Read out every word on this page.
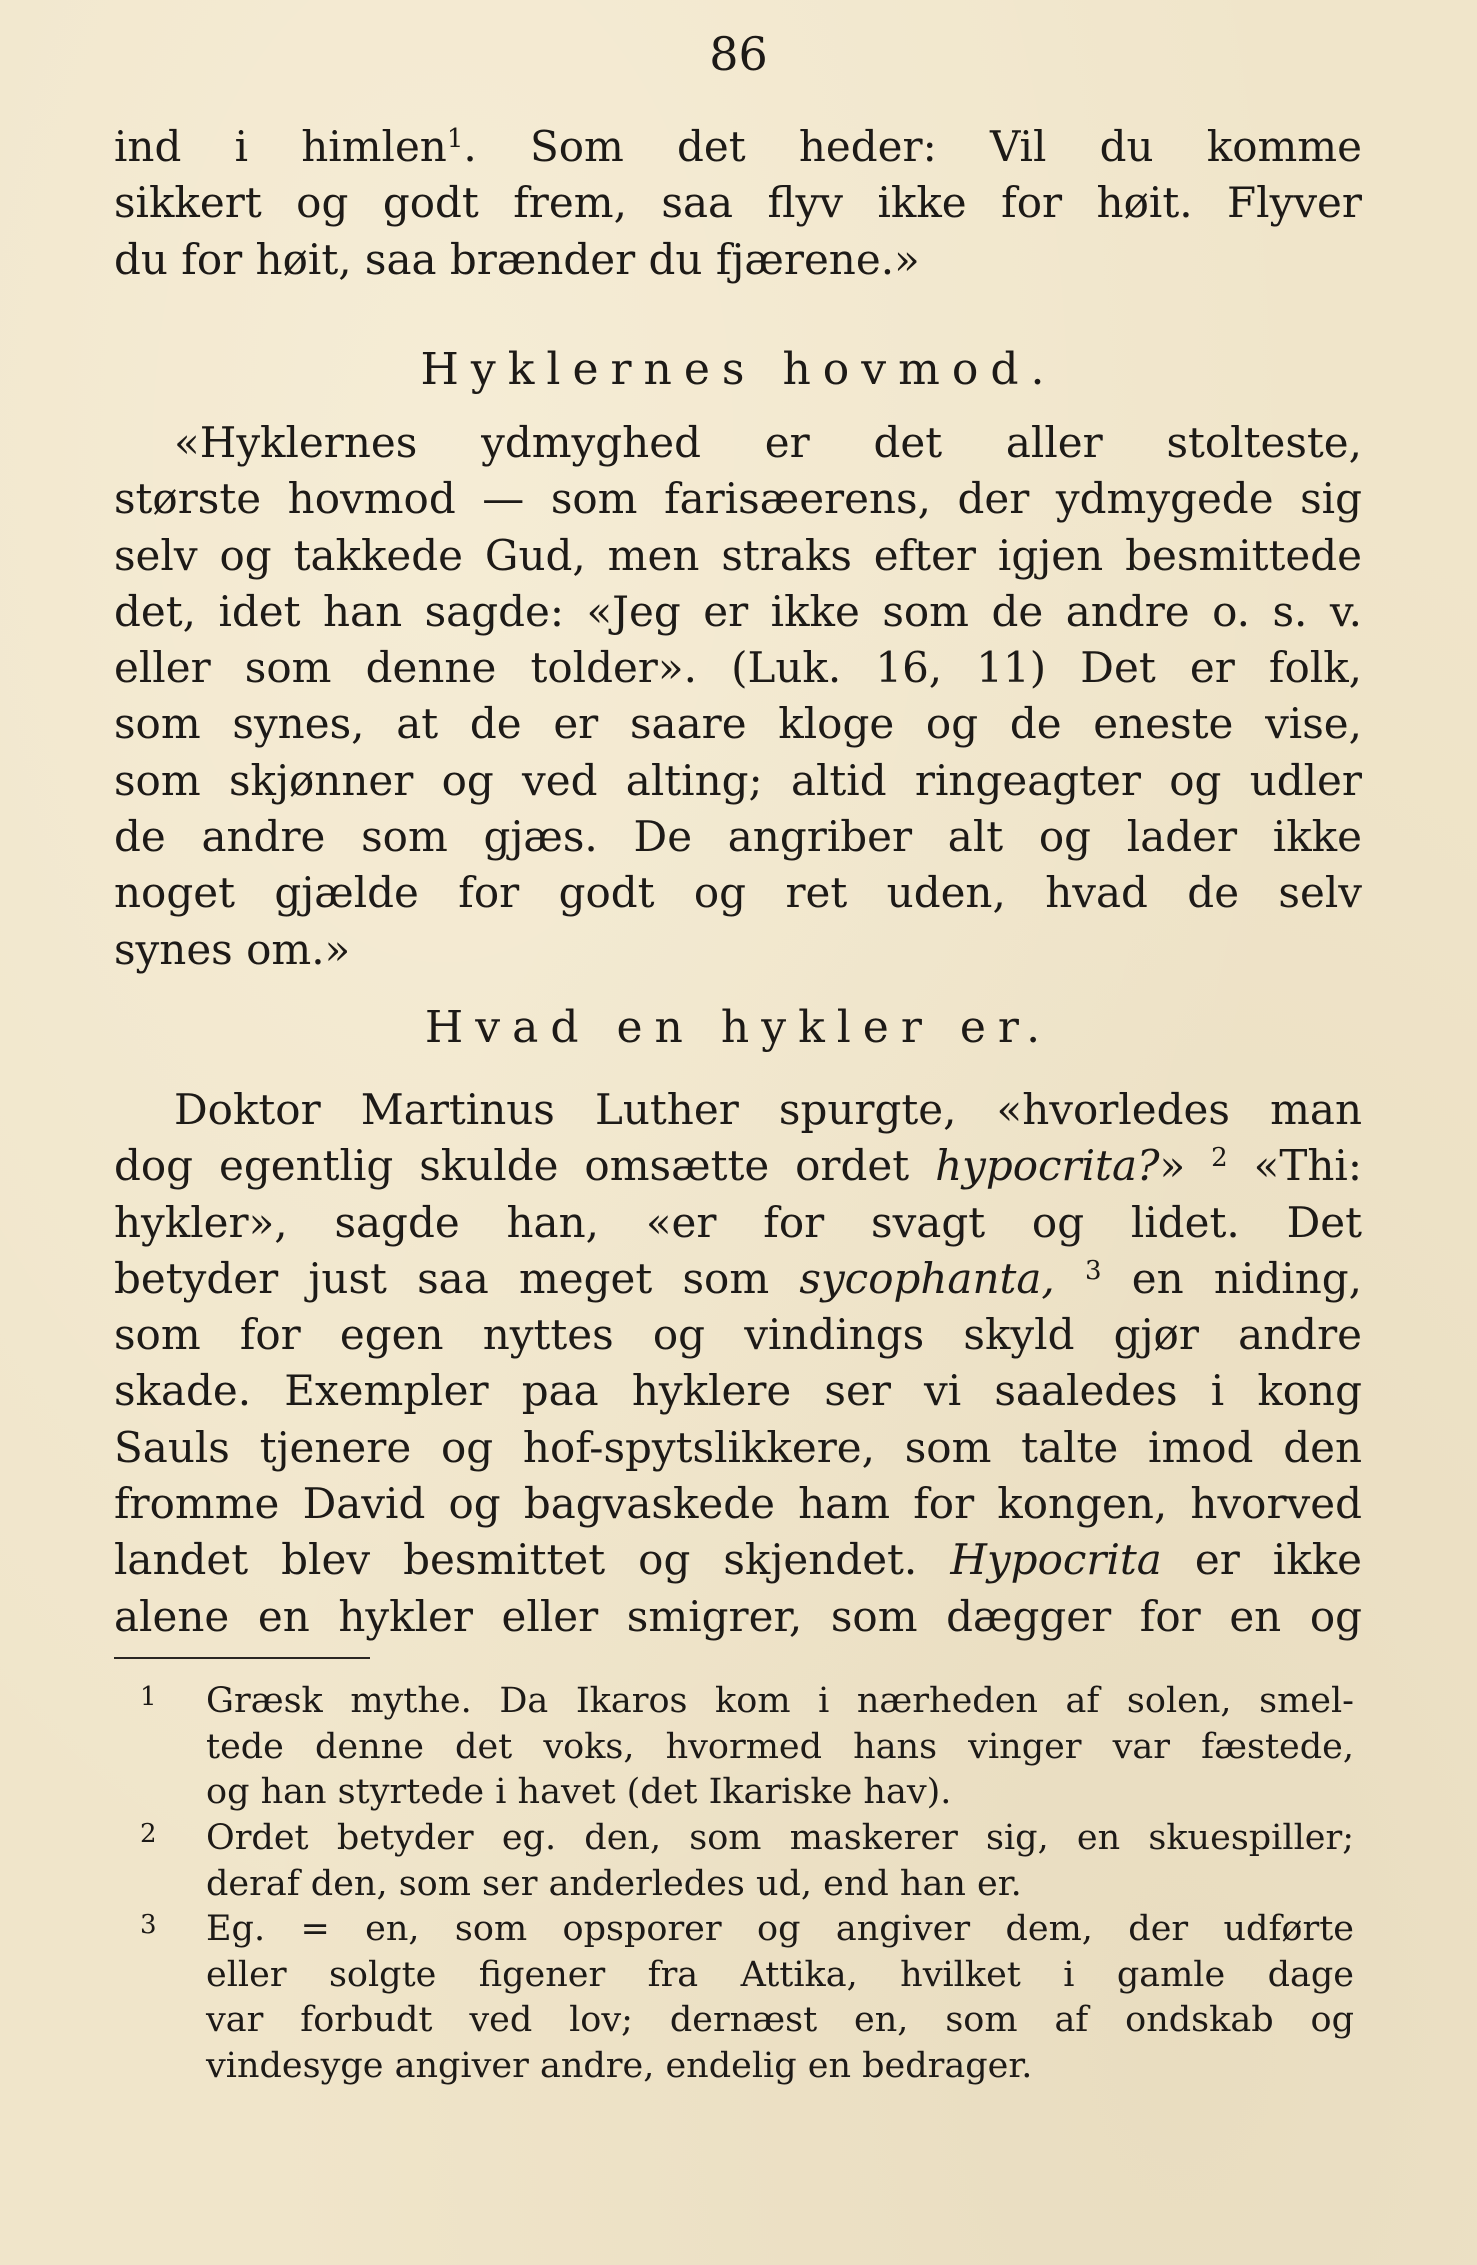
86
ind i himlen$^1$. Som det heder: Vil du komme
sikkert og godt frem, saa flyv ikke for høit. Flyver
du for høit, saa brænder du fjærene.»
Hyklernes hovmod.
«Hyklernes ydmyghed er det aller stolteste,
største hovmod — som farisæerens, der ydmygede sig
selv og takkede Gud, men straks efter igjen besmittede
det, idet han sagde: «Jeg er ikke som de andre o. s. v.
eller som denne tolder». (Luk. 16, 11) Det er folk,
som synes, at de er saare kloge og de eneste vise,
som skjønner og ved alting; altid ringeagter og udler
de andre som gjæs. De angriber alt og lader ikke
noget gjælde for godt og ret uden, hvad de selv
synes om.»
Hvad en hykler er.
Doktor Martinus Luther spurgte, «hvorledes man
dog egentlig skulde omsætte ordet hypocrita?» $^2$ «Thi:
hykler», sagde han, «er for svagt og lidet. Det
betyder just saa meget som sycophanta, $^3$ en niding,
som for egen nyttes og vindings skyld gjør andre
skade. Exempler paa hyklere ser vi saaledes i kong
Sauls tjenere og hof-spytslikkere, som talte imod den
fromme David og bagvaskede ham for kongen, hvorved
landet blev besmittet og skjendet. Hypocrita er ikke
alene en hykler eller smigrer, som dægger for en og
1 Græsk mythe. Da Ikaros kom i nærheden af solen, smel-
tede denne det voks, hvormed hans vinger var fæstede,
og han styrtede i havet (det Ikariske hav).
2 Ordet betyder eg. den, som maskerer sig, en skuespiller;
deraf den, som ser anderledes ud, end han er.
3 Eg. = en, som opsporer og angiver dem, der udførte
eller solgte figener fra Attika, hvilket i gamle dage
var forbudt ved lov; dernæst en, som af ondskab og
vindesyge angiver andre, endelig en bedrager.
